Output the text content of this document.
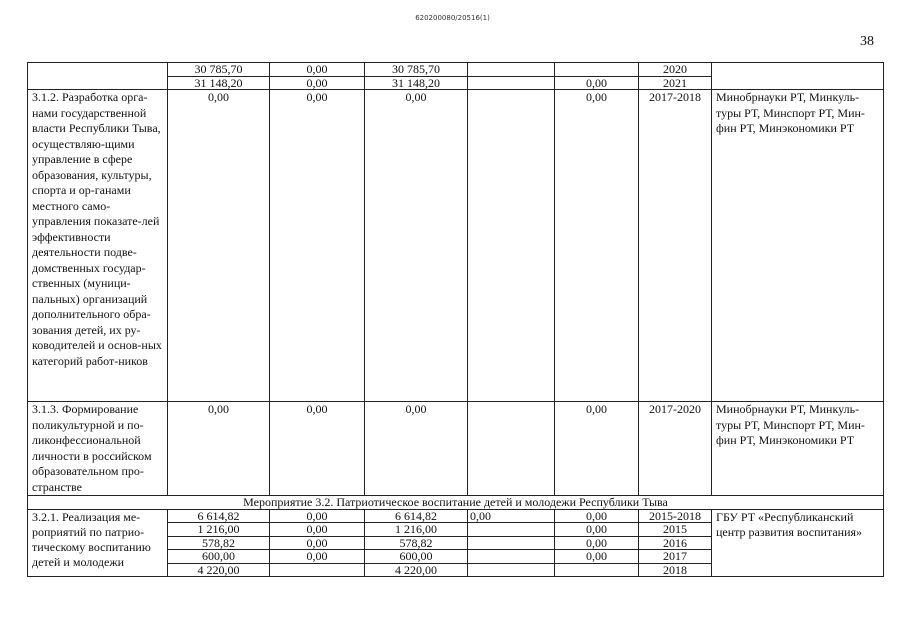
620200080/20516(1)
38
	30 785,70	0,00	30 785,70			2020	
	31 148,20	0,00	31 148,20		0,00	2021	
3.1.2. Разработка орга-нами государственной власти Республики Тыва, осуществляю-щими управление в сфере образования, культуры, спорта и ор-ганами местного само-управления показате-лей эффективности деятельности подве-домственных государ-ственных (муници-пальных) организаций дополнительного обра-зования детей, их ру-ководителей и основ-ных категорий работ-ников	0,00	0,00	0,00		0,00	2017-2018	Минобрнауки РТ, Минкуль-туры РТ, Минспорт РТ, Мин-фин РТ, Минэкономики РТ
3.1.3. Формирование поликультурной и по-ликонфессиональной личности в российском образовательном про-странстве	0,00	0,00	0,00		0,00	2017-2020	Минобрнауки РТ, Минкуль-туры РТ, Минспорт РТ, Мин-фин РТ, Минэкономики РТ
Мероприятие 3.2. Патриотическое воспитание детей и молодежи Республики Тыва							
3.2.1. Реализация ме-роприятий по патрио-тическому воспитанию детей и молодежи	6 614,82	0,00	6 614,82	0,00	0,00	2015-2018	ГБУ РТ «Республиканский центр развития воспитания»
	1 216,00	0,00	1 216,00		0,00	2015	
	578,82	0,00	578,82		0,00	2016	
	600,00	0,00	600,00		0,00	2017	
	4 220,00		4 220,00			2018	
